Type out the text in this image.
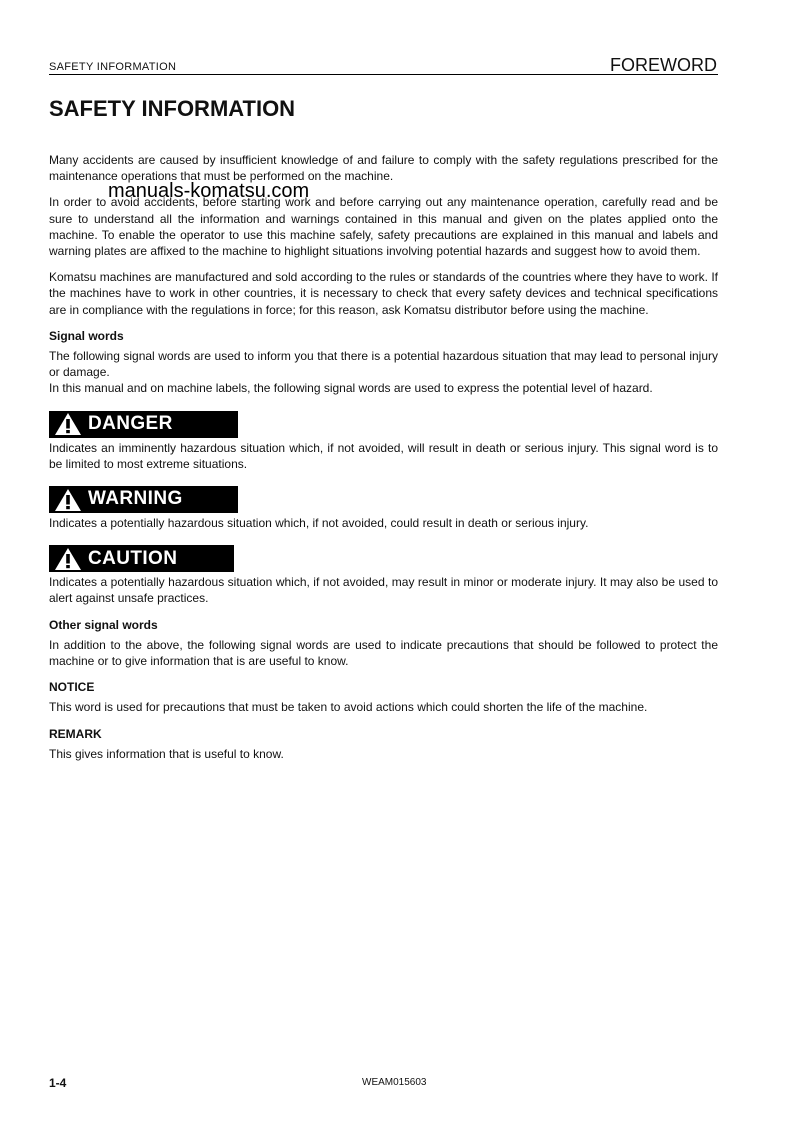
SAFETY INFORMATION	FOREWORD
SAFETY INFORMATION

Many accidents are caused by insufficient knowledge of and failure to comply with the safety regulations prescribed for the maintenance operations that must be performed on the machine.

In order to avoid accidents, before starting work and before carrying out any maintenance operation, carefully read and be sure to understand all the information and warnings contained in this manual and given on the plates applied onto the machine. To enable the operator to use this machine safely, safety precautions are explained in this manual and labels and warning plates are affixed to the machine to highlight situations involving potential hazards and suggest how to avoid them.

Komatsu machines are manufactured and sold according to the rules or standards of the countries where they have to work. If the machines have to work in other countries, it is necessary to check that every safety devices and technical specifications are in compliance with the regulations in force; for this reason, ask Komatsu distributor before using the machine.

Signal words

The following signal words are used to inform you that there is a potential hazardous situation that may lead to personal injury or damage.

In this manual and on machine labels, the following signal words are used to express the potential level of hazard.

DANGER

Indicates an imminently hazardous situation which, if not avoided, will result in death or serious injury. This signal word is to be limited to most extreme situations.

WARNING

Indicates a potentially hazardous situation which, if not avoided, could result in death or serious injury.

CAUTION

Indicates a potentially hazardous situation which, if not avoided, may result in minor or moderate injury. It may also be used to alert against unsafe practices.

Other signal words

In addition to the above, the following signal words are used to indicate precautions that should be followed to protect the machine or to give information that is are useful to know.

NOTICE

This word is used for precautions that must be taken to avoid actions which could shorten the life of the machine.

REMARK

This gives information that is useful to know.

manuals-komatsu.com
1-4	WEAM015603
